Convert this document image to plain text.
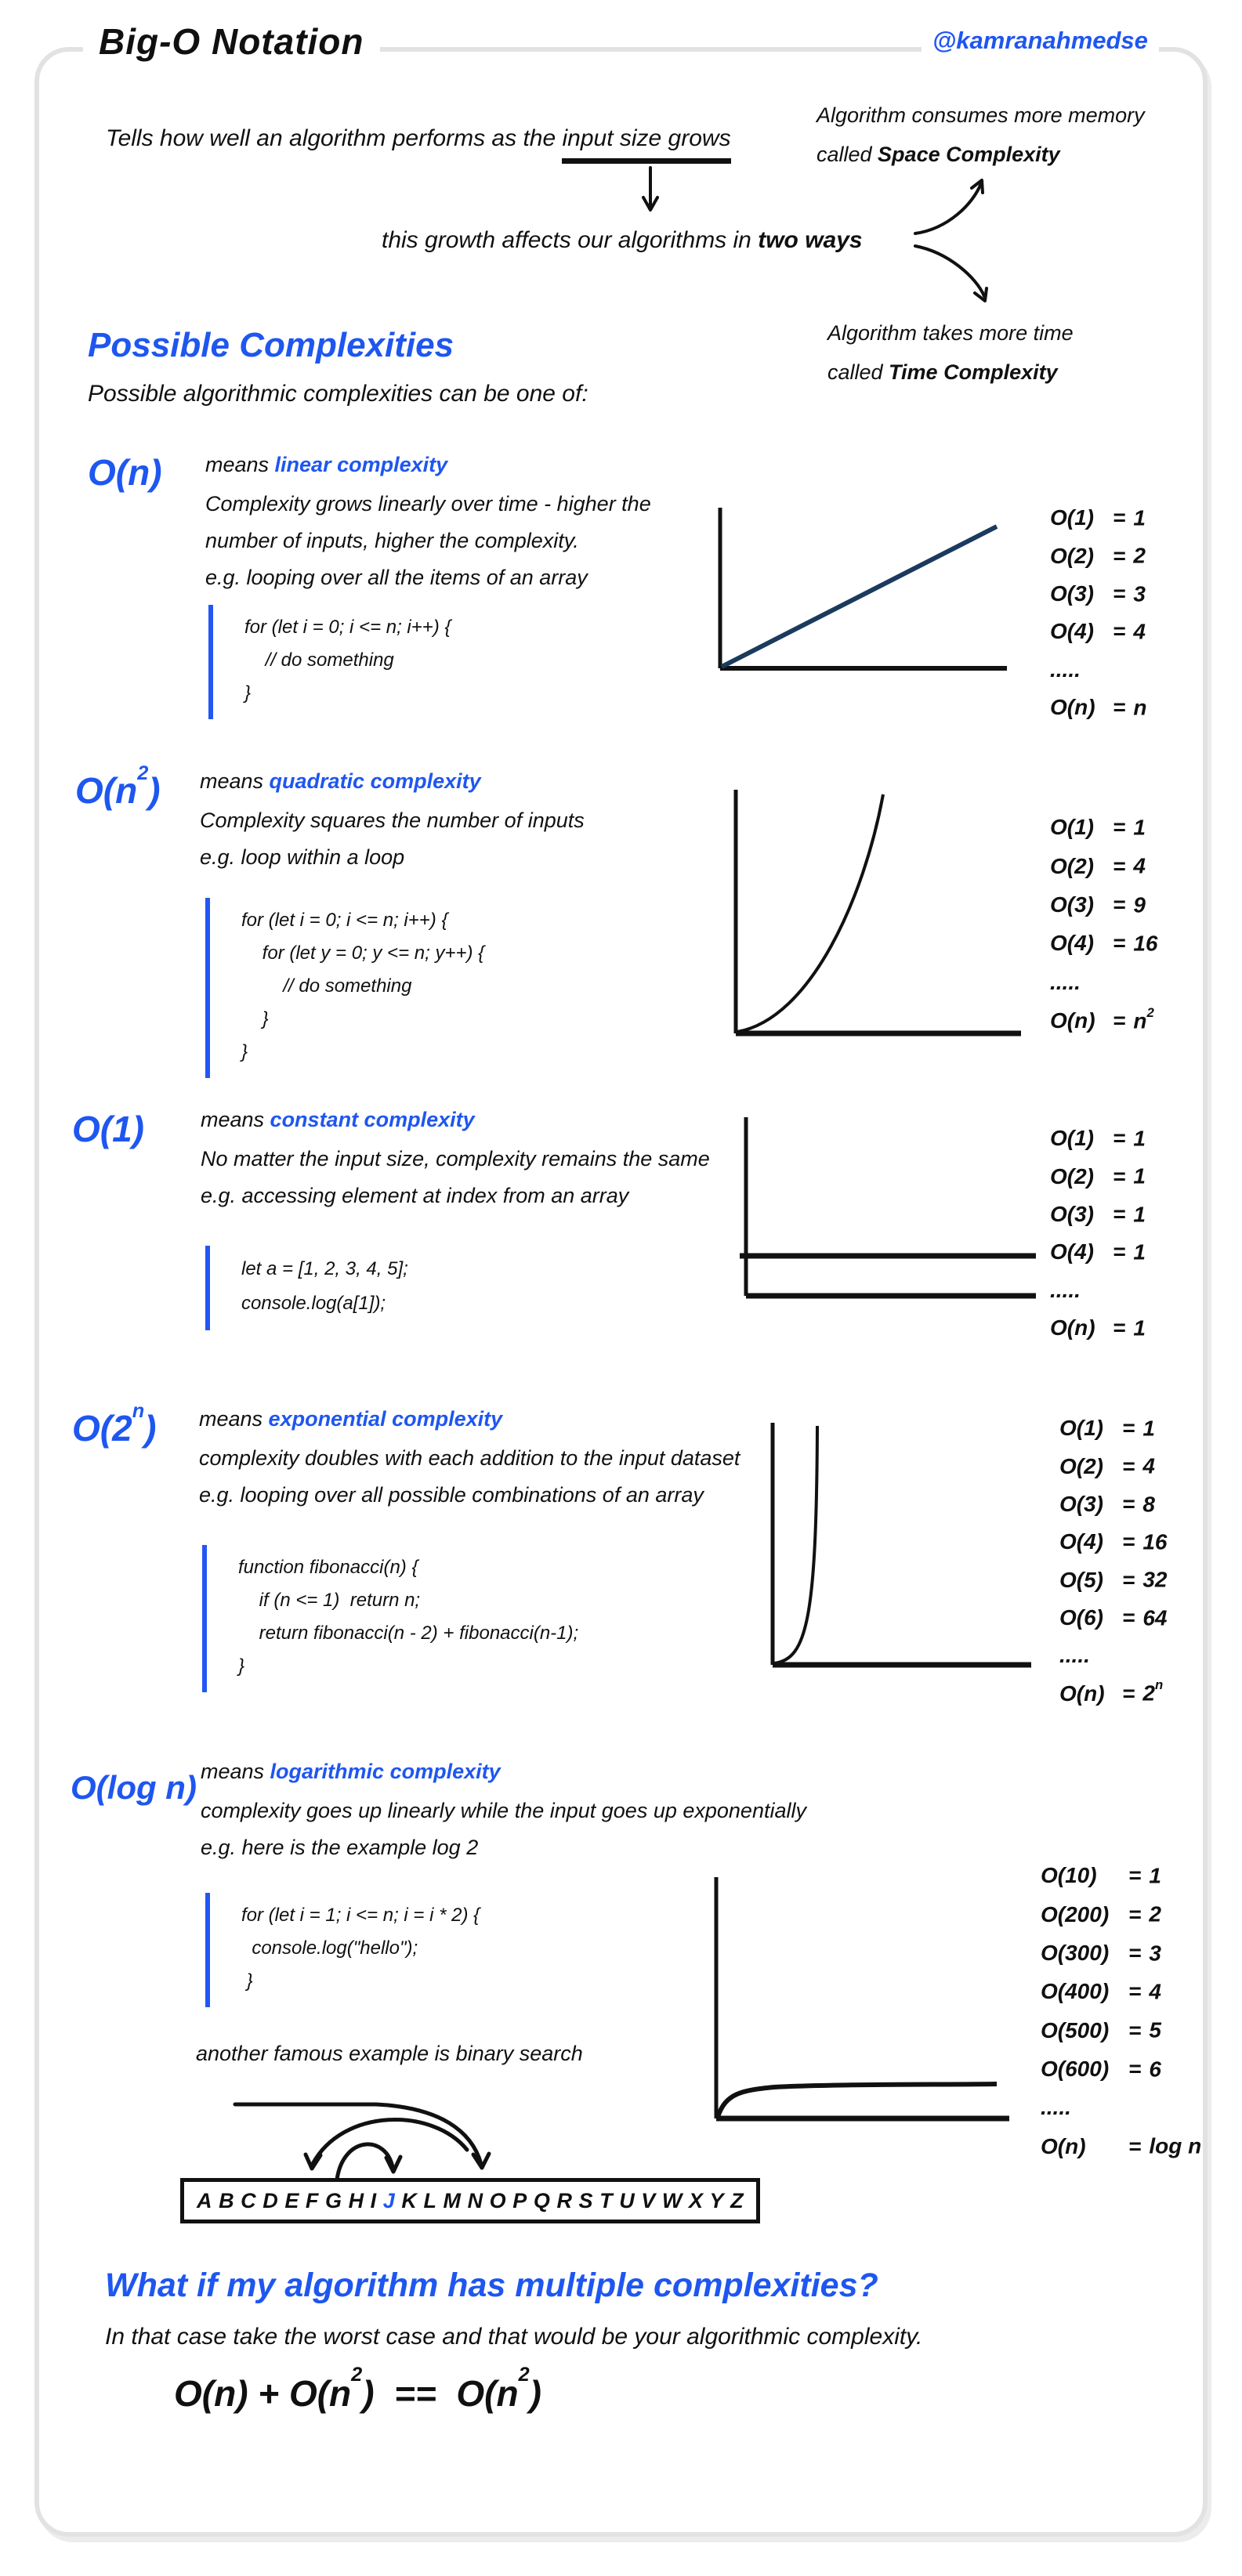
Big-O Notation	@kamranahmedse
Tells how well an algorithm performs as the input size grows
this growth affects our algorithms in two ways
Algorithm consumes more memory
called Space Complexity
Algorithm takes more time
called Time Complexity
Possible Complexities
Possible algorithmic complexities can be one of:
O(n) means linear complexity
Complexity grows linearly over time - higher the
number of inputs, higher the complexity.
e.g. looping over all the items of an array
for (let i = 0; i <= n; i++) {
// do something
}
O(1) = 1
O(2) = 2
O(3) = 3
O(4) = 4
.....
O(n) = n
$O(n^2)$ means quadratic complexity
Complexity squares the number of inputs
e.g. loop within a loop
for (let i = 0; i <= n; i++) {
for (let y = 0; y <= n; y++) {
// do something
}
}
O(1) = 1
O(2) = 4
O(3) = 9
O(4) = 16
.....
$O(n) = n^2$
O(1)	means constant complexity
No matter the input size, complexity remains the same
e.g. accessing element at index from an array
let a = [1, 2, 3, 4, 5];
console.log(a[1]);
O(1) = 1
O(2) = 1
O(3) = 1
O(4) = 1
.....
O(n) = 1
O(2$^n$) means exponential complexity
complexity doubles with each addition to the input dataset
e.g. looping over all possible combinations of an array
function fibonacci(n) {
if (n <= 1)  return n;
return fibonacci(n - 2) + fibonacci(n-1);
}
O(1) = 1
O(2) = 4
O(3) = 8
O(4) = 16
O(5) = 32
O(6) = 64
.....
$O(n) = 2^n$
O(log n) means logarithmic complexity
complexity goes up linearly while the input goes up exponentially
e.g. here is the example log 2
for (let i = 1; i <= n; i = i * 2) {
console.log("hello");
}
O(10) = 1
O(200) = 2
O(300) = 3
O(400) = 4
O(500) = 5
O(600) = 6
.....
O(n) = log n
another famous example is binary search
A B C D E F G H I J K L M N O P Q R S T U V W X Y Z
What if my algorithm has multiple complexities?
In that case take the worst case and that would be your algorithmic complexity.
$O(n) + O(n^2) == O(n^2)$
